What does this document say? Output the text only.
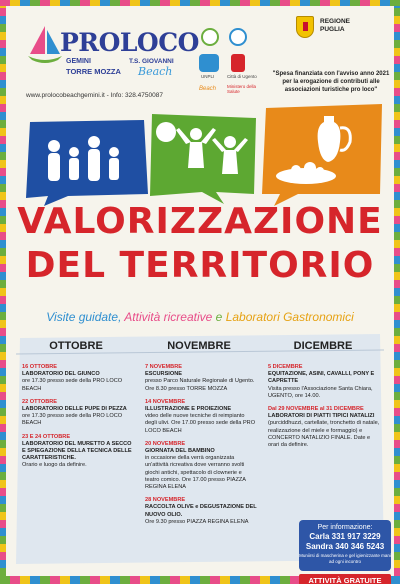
PROLOCO
GEMINI	T.S. GIOVANNI
TORRE MOZZA Beach
www.prolocobeachgemini.it - Info: 328.4750087
UNPLI	Città di Ugento
Beach Ministero della Salute
REGIONE
PUGLIA
"Spesa finanziata con l'avviso anno 2021 per la erogazione di contributi alle associazioni turistiche pro loco"
VALORIZZAZIONE
DEL TERRITORIO
Visite guidate, Attività ricreative e Laboratori Gastronomici
OTTOBRE	NOVEMBRE	DICEMBRE
16 OTTOBRE
LABORATORIO DEL GIUNCO
ore 17.30 presso sede della PRO LOCO BEACH
22 OTTOBRE
LABORATORIO DELLE PUPE DI PEZZA
ore 17.30 presso sede della PRO LOCO BEACH
23 E 24 OTTOBRE
LABORATORIO DEL MURETTO A SECCO E SPIEGAZIONE DELLA TECNICA DELLE CARATTERISTICHE.
Orario e luogo da definire.
7 NOVEMBRE
ESCURSIONE
presso Parco Naturale Regionale di Ugento. Ore 8.30 presso TORRE MOZZA
14 NOVEMBRE
ILLUSTRAZIONE E PROIEZIONE
video delle nuove tecniche di reimpianto degli ulivi. Ore 17.00 presso sede della PRO LOCO BEACH
20 NOVEMBRE
GIORNATA DEL BAMBINO
in occasione della verrà organizzata un'attività ricreativa dove verranno svolti giochi antichi, spettacolo di clownerie e teatro comico. Ore 17.00 presso PIAZZA REGINA ELENA
28 NOVEMBRE
RACCOLTA OLIVE e DEGUSTAZIONE DEL NUOVO OLIO.
Ore 9.30 presso PIAZZA REGINA ELENA
5 DICEMBRE
EQUITAZIONE, ASINI, CAVALLI, PONY E CAPRETTE
Visita presso l'Associazione Santa Chiara, UGENTO, ore 14.00.
Dal 29 NOVEMBRE al 31 DICEMBRE
LABORATORI DI PIATTI TIPICI NATALIZI
(purciddhuzzi, cartellate, tronchetto di natale, realizzazione del miele e formaggio) e CONCERTO NATALIZIO FINALE. Date e orari da definire.
Per informazione:
Carla 331 917 3229
Sandra 340 346 5243
Muniirsi di mascherina e gel igienizzante mani ad ogni incontro
ATTIVITÀ GRATUITE
